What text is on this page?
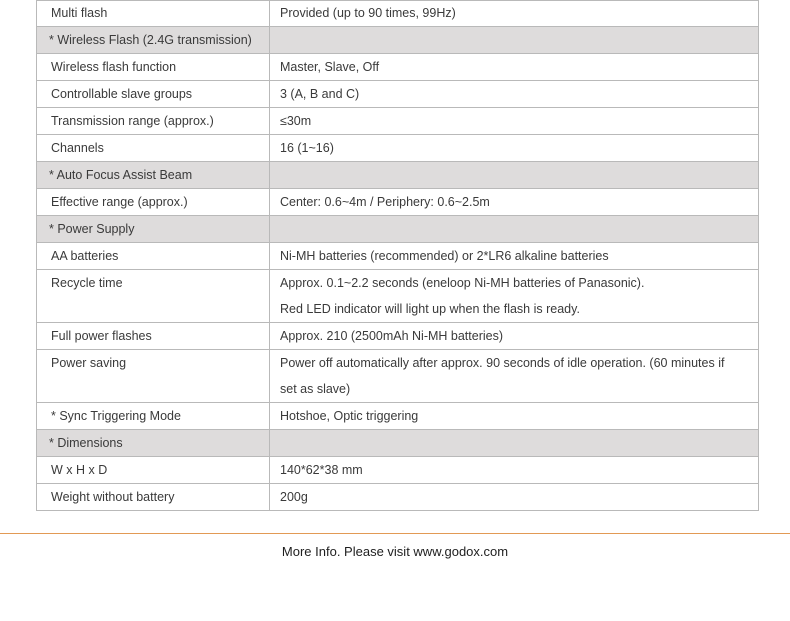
Multi flash	Provided (up to 90 times, 99Hz)

* Wireless Flash (2.4G transmission)	
Wireless flash function	Master, Slave, Off

Controllable slave groups	3 (A, B and C)

Transmission range (approx.)	≤30m

Channels	16 (1~16)

* Auto Focus Assist Beam	
Effective range (approx.)	Center: 0.6~4m / Periphery: 0.6~2.5m

* Power Supply	
AA batteries	Ni-MH batteries (recommended) or 2*LR6 alkaline batteries

Recycle time	Approx. 0.1~2.2 seconds (eneloop Ni-MH batteries of Panasonic).
Red LED indicator will light up when the flash is ready.

Full power flashes	Approx. 210 (2500mAh Ni-MH batteries)

Power saving	Power off automatically after approx. 90 seconds of idle operation. (60 minutes if
set as slave)

* Sync Triggering Mode	Hotshoe, Optic triggering

* Dimensions	
W x H x D	140*62*38 mm

Weight without battery	200g
More Info. Please visit www.godox.com
